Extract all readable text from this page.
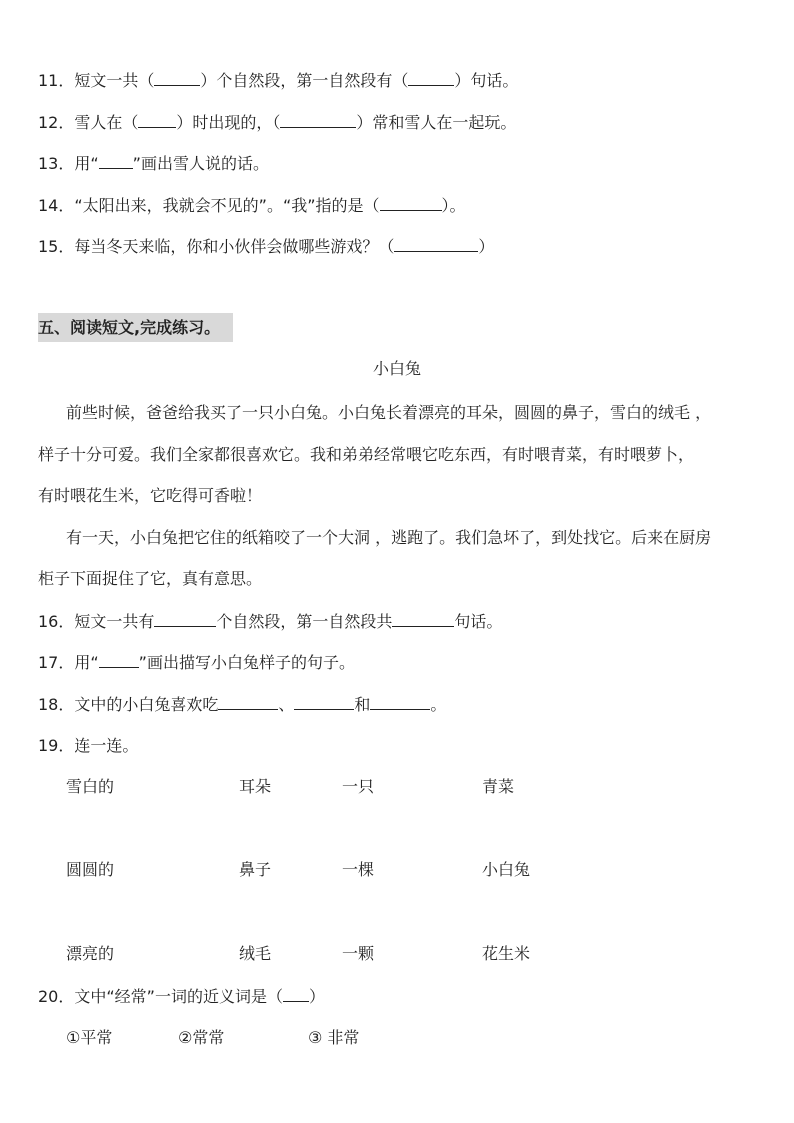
11．短文一共（	）个自然段，第一自然段有（	）句话。
12．雪人在（ ）时出现的，（	）常和雪人在一起玩。
13．用“ ”画出雪人说的话。
14．“太阳出来，我就会不见的”。“我”指的是（	）。
15．每当冬天来临，你和小伙伴会做哪些游戏？（	）
五、阅读短文,完成练习。
小白兔
前些时候，爸爸给我买了一只小白兔。小白兔长着漂亮的耳朵，圆圆的鼻子，雪白的绒毛 ，
样子十分可爱。我们全家都很喜欢它。我和弟弟经常喂它吃东西，有时喂青菜，有时喂萝卜，
有时喂花生米，它吃得可香啦！
有一天，小白兔把它住的纸箱咬了一个大洞 ，逃跑了。我们急坏了，到处找它。后来在厨房
柜子下面捉住了它，真有意思。
16．短文一共有	个自然段，第一自然段共	句话。
17．用“	”画出描写小白兔样子的句子。
18．文中的小白兔喜欢吃	、	和	。
19．连一连。
雪白的	耳朵	一只	青菜
圆圆的	鼻子	一棵	小白兔
漂亮的	绒毛	一颗	花生米
20．文中“经常”一词的近义词是（ ）
①平常	②常常	③ 非常
